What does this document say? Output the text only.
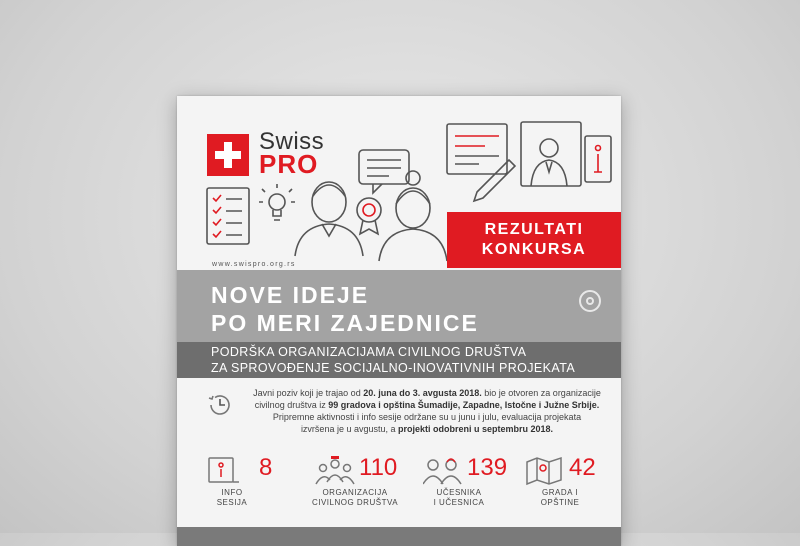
Swiss
PRO
www.swispro.org.rs
REZULTATI
KONKURSA
NOVE IDEJE
PO MERI ZAJEDNICE
PODRŠKA ORGANIZACIJAMA CIVILNOG DRUŠTVA
ZA SPROVOĐENJE SOCIJALNO-INOVATIVNIH PROJEKATA
Javni poziv koji je trajao od 20. juna do 3. avgusta 2018. bio je otvoren za organizacije
civilnog društva iz 99 gradova i opština Šumadije, Zapadne, Istočne i Južne Srbije.
Pripremne aktivnosti i info sesije održane su u junu i julu, evaluacija projekata
izvršena je u avgustu, a projekti odobreni u septembru 2018.
8
INFO
SESIJA
110
ORGANIZACIJA
CIVILNOG DRUŠTVA
139
UČESNIKA
I UČESNICA
42
GRADA I
OPŠTINE
